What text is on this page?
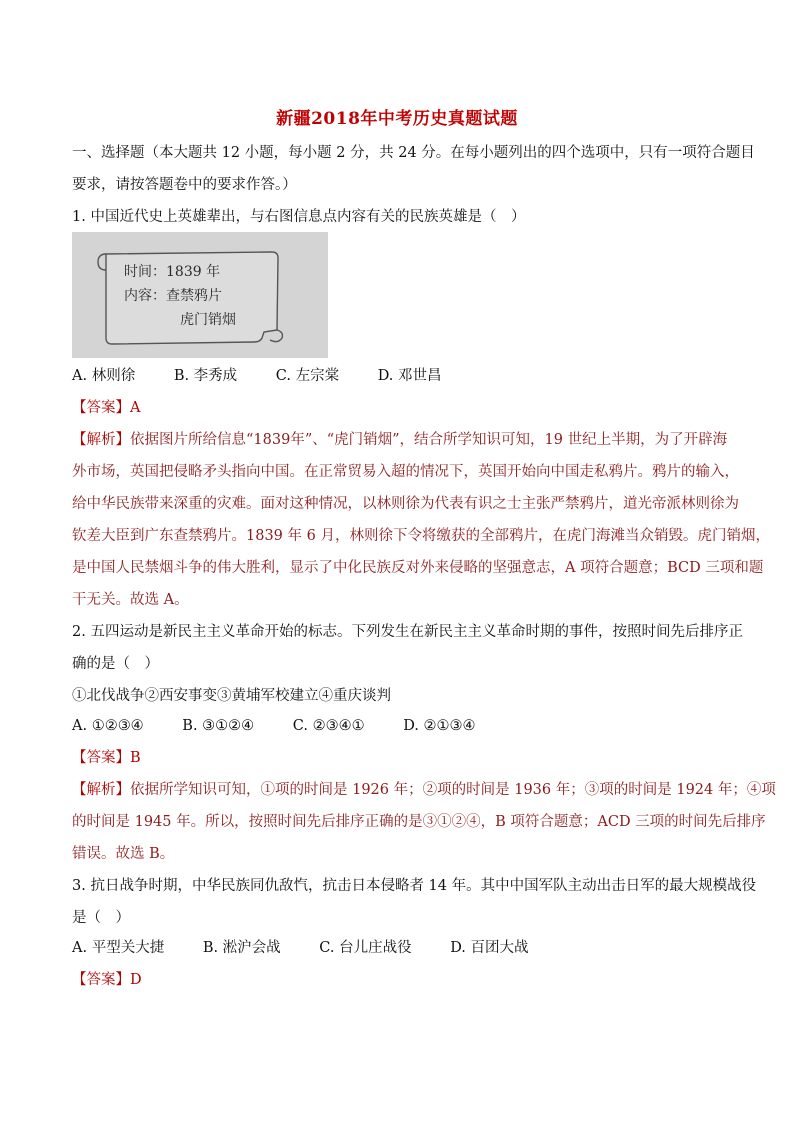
新疆2018年中考历史真题试题
一、选择题（本大题共 12 小题，每小题 2 分，共 24 分。在每小题列出的四个选项中，只有一项符合题目
要求，请按答题卷中的要求作答。）
1. 中国近代史上英雄辈出，与右图信息点内容有关的民族英雄是（　）
时间：1839 年
内容：查禁鸦片
虎门销烟
A. 林则徐	B. 李秀成	C. 左宗棠	D. 邓世昌
【答案】A
【解析】依据图片所给信息“1839年”、“虎门销烟”，结合所学知识可知，19 世纪上半期，为了开辟海
外市场，英国把侵略矛头指向中国。在正常贸易入超的情况下，英国开始向中国走私鸦片。鸦片的输入，
给中华民族带来深重的灾难。面对这种情况，以林则徐为代表有识之士主张严禁鸦片，道光帝派林则徐为
钦差大臣到广东查禁鸦片。1839 年 6 月，林则徐下令将缴获的全部鸦片，在虎门海滩当众销毁。虎门销烟，
是中国人民禁烟斗争的伟大胜利，显示了中化民族反对外来侵略的坚强意志，A 项符合题意；BCD 三项和题
干无关。故选 A。
2. 五四运动是新民主主义革命开始的标志。下列发生在新民主主义革命时期的事件，按照时间先后排序正
确的是（　）
①北伐战争②西安事变③黄埔军校建立④重庆谈判
A. ①②③④	B. ③①②④	C. ②③④①	D. ②①③④
【答案】B
【解析】依据所学知识可知，①项的时间是 1926 年；②项的时间是 1936 年；③项的时间是 1924 年；④项
的时间是 1945 年。所以，按照时间先后排序正确的是③①②④，B 项符合题意；ACD 三项的时间先后排序
错误。故选 B。
3. 抗日战争时期，中华民族同仇敌忾，抗击日本侵略者 14 年。其中中国军队主动出击日军的最大规模战役
是（　）
A. 平型关大捷	B. 淞沪会战	C. 台儿庄战役	D. 百团大战
【答案】D
